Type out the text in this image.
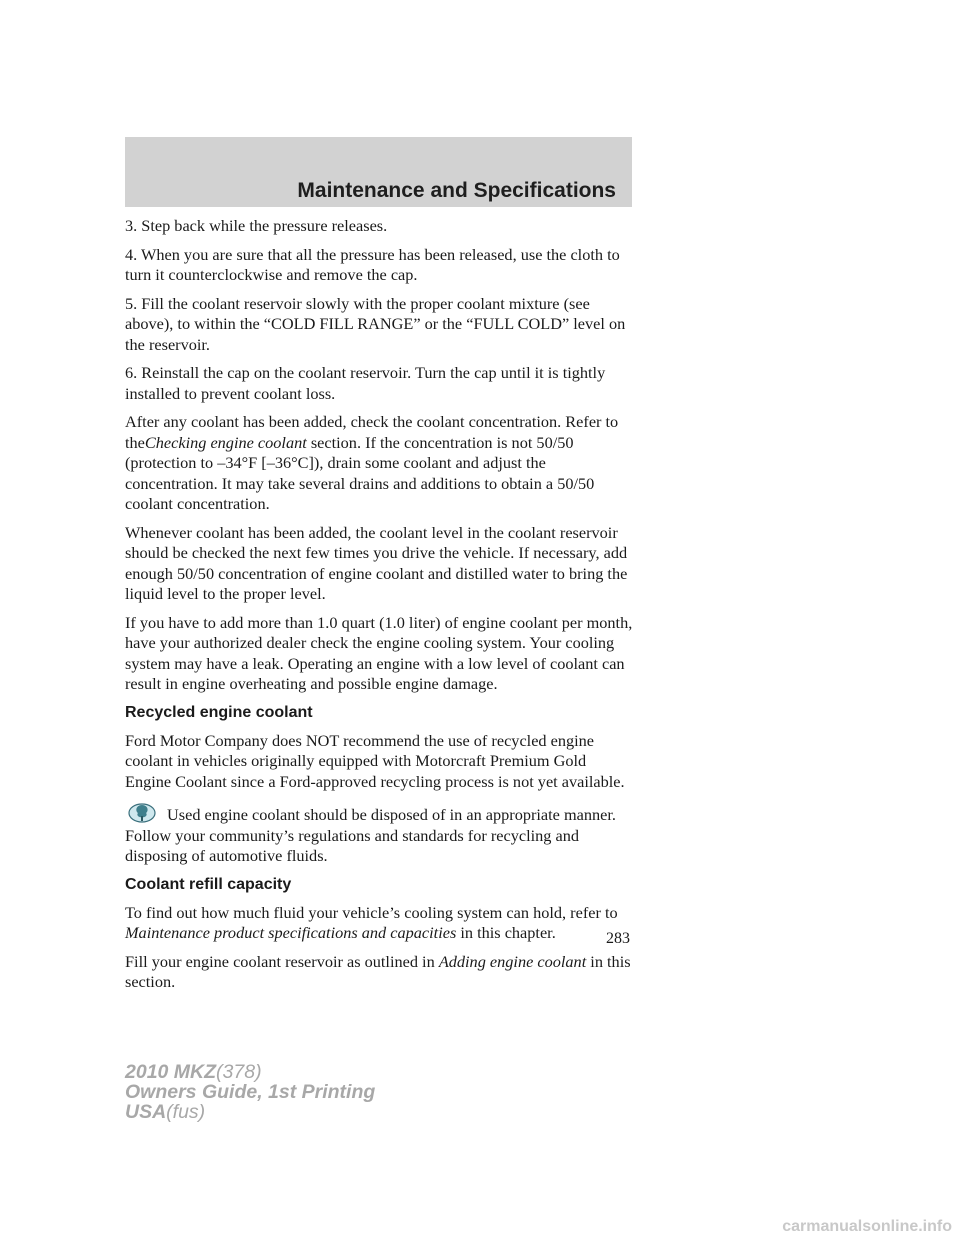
Maintenance and Specifications

3. Step back while the pressure releases.

4. When you are sure that all the pressure has been released, use the cloth to turn it counterclockwise and remove the cap.

5. Fill the coolant reservoir slowly with the proper coolant mixture (see above), to within the “COLD FILL RANGE” or the “FULL COLD” level on the reservoir.

6. Reinstall the cap on the coolant reservoir. Turn the cap until it is tightly installed to prevent coolant loss.

After any coolant has been added, check the coolant concentration. Refer to theChecking engine coolant section. If the concentration is not 50/50 (protection to –34°F [–36°C]), drain some coolant and adjust the concentration. It may take several drains and additions to obtain a 50/50 coolant concentration.

Whenever coolant has been added, the coolant level in the coolant reservoir should be checked the next few times you drive the vehicle. If necessary, add enough 50/50 concentration of engine coolant and distilled water to bring the liquid level to the proper level.

If you have to add more than 1.0 quart (1.0 liter) of engine coolant per month, have your authorized dealer check the engine cooling system. Your cooling system may have a leak. Operating an engine with a low level of coolant can result in engine overheating and possible engine damage.

Recycled engine coolant

Ford Motor Company does NOT recommend the use of recycled engine coolant in vehicles originally equipped with Motorcraft Premium Gold Engine Coolant since a Ford-approved recycling process is not yet available.

Used engine coolant should be disposed of in an appropriate manner. Follow your community’s regulations and standards for recycling and disposing of automotive fluids.

Coolant refill capacity

To find out how much fluid your vehicle’s cooling system can hold, refer to Maintenance product specifications and capacities in this chapter.

Fill your engine coolant reservoir as outlined in Adding engine coolant in this section.

283
2010 MKZ(378)
Owners Guide, 1st Printing
USA(fus)
carmanualsonline.info
